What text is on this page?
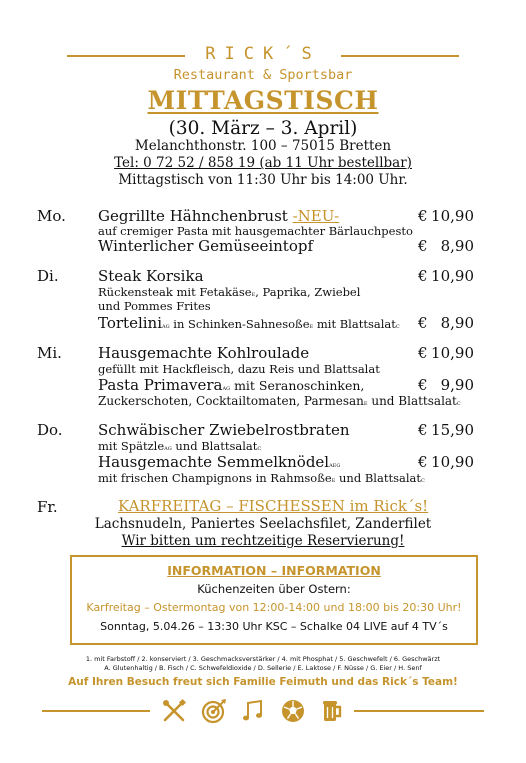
RICK´S
Restaurant & Sportsbar
MITTAGSTISCH
(30. März – 3. April)
Melanchthonstr. 100 – 75015 Bretten
Tel: 0 72 52 / 858 19 (ab 11 Uhr bestellbar)
Mittagstisch von 11:30 Uhr bis 14:00 Uhr.
Mo. Gegrillte Hähnchenbrust -NEU-	€ 10,90
auf cremiger Pasta mit hausgemachter Bärlauchpesto
Winterlicher Gemüseeintopf	€ 8,90
Di.	Steak Korsika	€ 10,90
Rückensteak mit FetakäseE, Paprika, Zwiebel
und Pommes Frites
TorteliniAG in Schinken-SahnesoßeE mit BlattsalatC € 8,90
Mi. Hausgemachte Kohlroulade	€ 10,90
gefüllt mit Hackfleisch, dazu Reis und Blattsalat
Pasta PrimaveraAG mit Seranoschinken,	€ 9,90
Zuckerschoten, Cocktailtomaten, ParmesanE und BlattsalatC
Do. Schwäbischer Zwiebelrostbraten	€ 15,90
mit SpätzleAG und BlattsalatC
Hausgemachte SemmelknödelAEG	€ 10,90
mit frischen Champignons in RahmsoßeE und BlattsalatC
Fr.	KARFREITAG – FISCHESSEN im Rick´s!
Lachsnudeln, Paniertes Seelachsfilet, Zanderfilet
Wir bitten um rechtzeitige Reservierung!
INFORMATION – INFORMATION
Küchenzeiten über Ostern:
Karfreitag – Ostermontag von 12:00-14:00 und 18:00 bis 20:30 Uhr!
Sonntag, 5.04.26 – 13:30 Uhr KSC – Schalke 04 LIVE auf 4 TV´s
1. mit Farbstoff / 2. konserviert / 3. Geschmacksverstärker / 4. mit Phosphat / 5. Geschwefelt / 6. Geschwärzt
A. Glutenhaltig / B. Fisch / C. Schwefeldioxide / D. Sellerie / E. Laktose / F. Nüsse / G. Eier / H. Senf
Auf Ihren Besuch freut sich Familie Feimuth und das Rick´s Team!
